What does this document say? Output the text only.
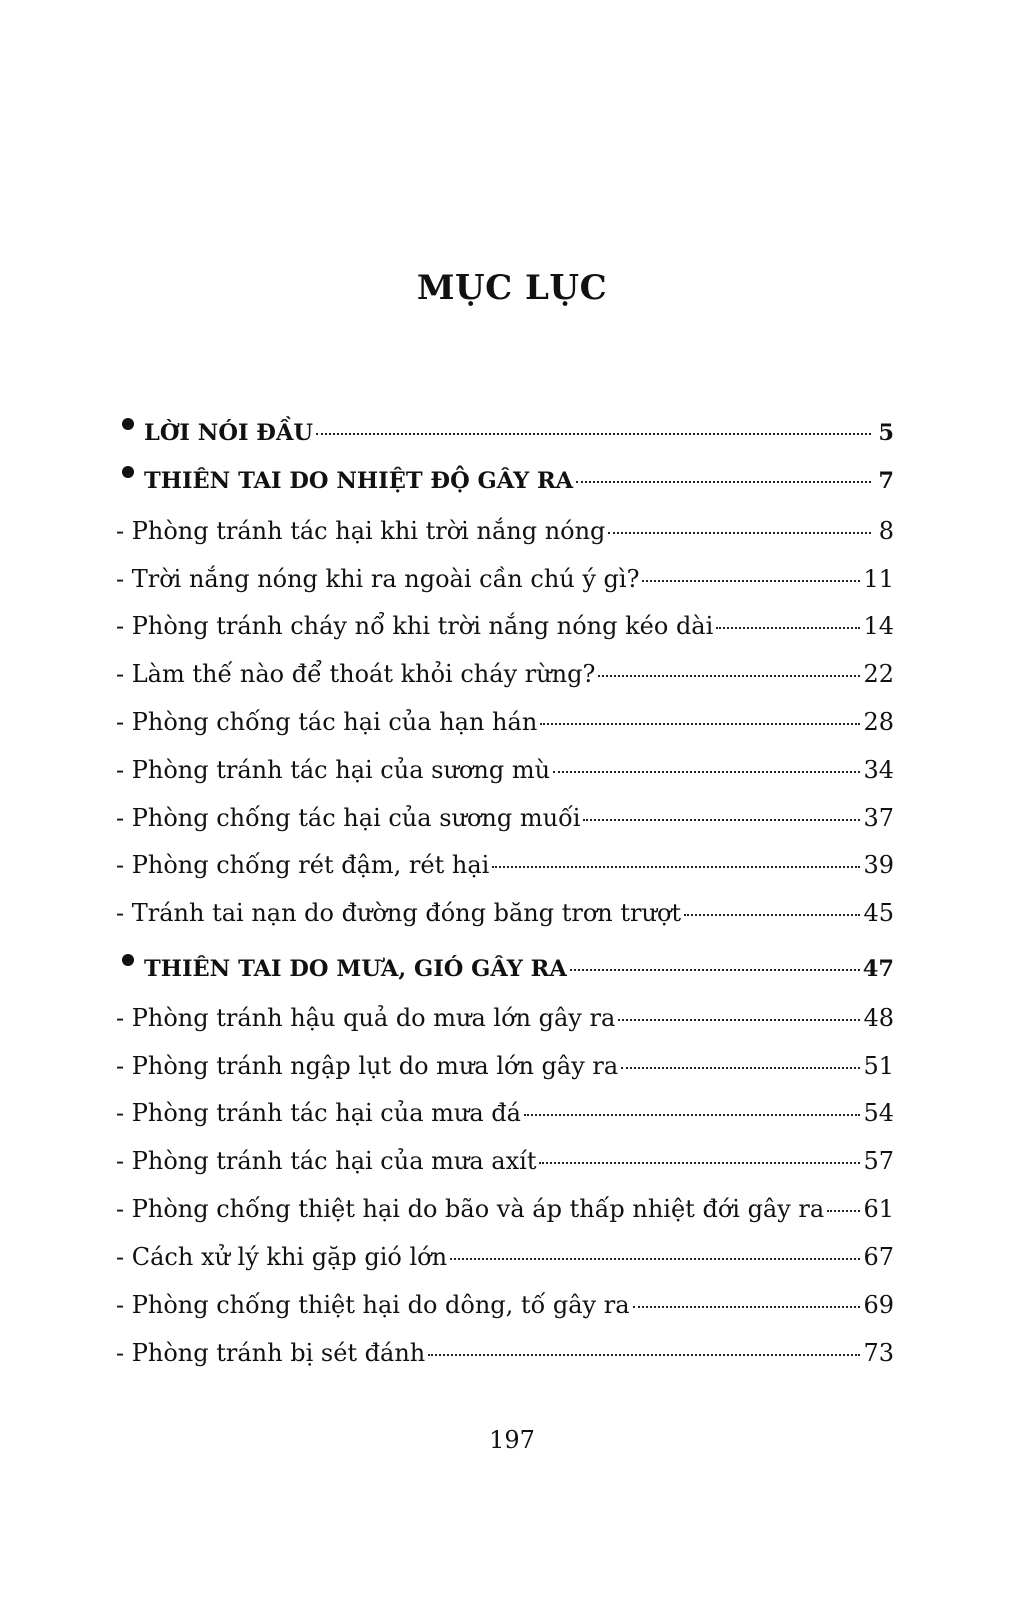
MỤC LỤC
LỜI NÓI ĐẦU	5
THIÊN TAI DO NHIỆT ĐỘ GÂY RA	7
- Phòng tránh tác hại khi trời nắng nóng	8
- Trời nắng nóng khi ra ngoài cần chú ý gì?	11
- Phòng tránh cháy nổ khi trời nắng nóng kéo dài	14
- Làm thế nào để thoát khỏi cháy rừng?	22
- Phòng chống tác hại của hạn hán	28
- Phòng tránh tác hại của sương mù	34
- Phòng chống tác hại của sương muối	37
- Phòng chống rét đậm, rét hại	39
- Tránh tai nạn do đường đóng băng trơn trượt	45
THIÊN TAI DO MƯA, GIÓ GÂY RA	47
- Phòng tránh hậu quả do mưa lớn gây ra	48
- Phòng tránh ngập lụt do mưa lớn gây ra	51
- Phòng tránh tác hại của mưa đá	54
- Phòng tránh tác hại của mưa axít	57
- Phòng chống thiệt hại do bão và áp thấp nhiệt đới gây ra 61
- Cách xử lý khi gặp gió lớn	67
- Phòng chống thiệt hại do dông, tố gây ra	69
- Phòng tránh bị sét đánh	73
197
